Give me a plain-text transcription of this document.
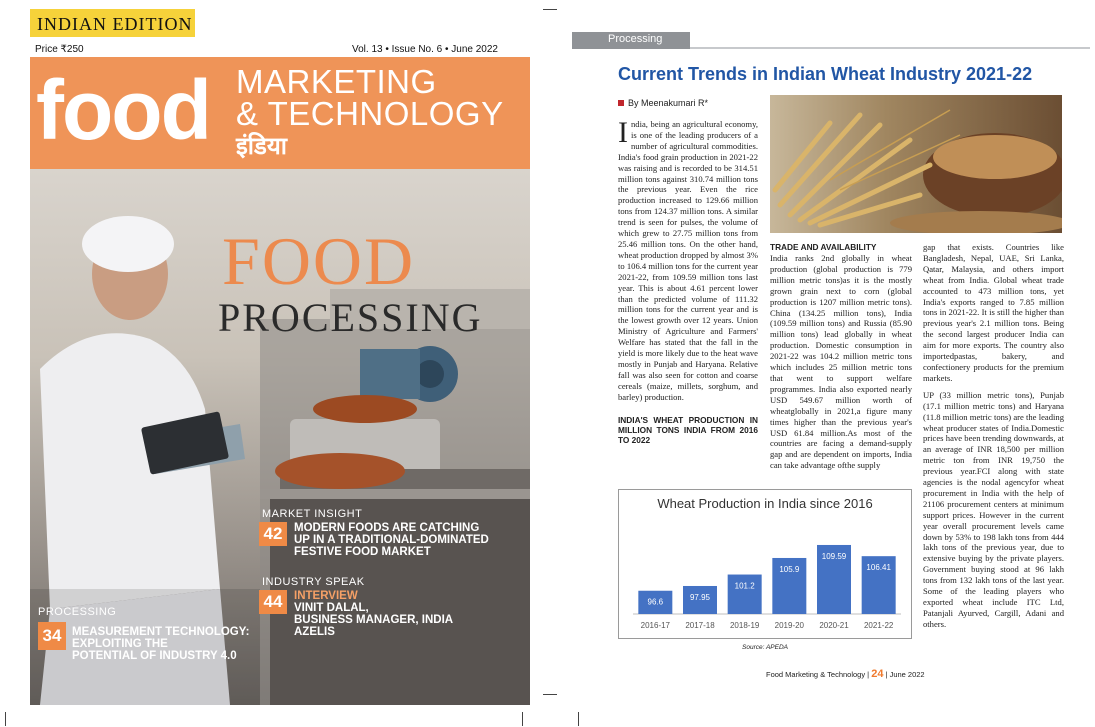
INDIAN EDITION
Price ₹250	Vol. 13 • Issue No. 6 • June 2022
food MARKETING
& TECHNOLOGY
इंडिया
FOOD
PROCESSING
MARKET INSIGHT
42	MODERN FOODS ARE CATCHING
UP IN A TRADITIONAL-DOMINATED
FESTIVE FOOD MARKET
INDUSTRY SPEAK
44	INTERVIEW
VINIT DALAL,
BUSINESS MANAGER, INDIA
AZELIS
PROCESSING
34 MEASUREMENT TECHNOLOGY:
EXPLOITING THE
POTENTIAL OF INDUSTRY 4.0
Processing
Current Trends in Indian Wheat Industry 2021-22
By Meenakumari R*

India, being an agricultural economy, is one of the leading producers of a number of agricultural commodities. India's food grain production in 2021-22 was raising and is recorded to be 314.51 million tons against 310.74 million tons the previous year. Even the rice production increased to 129.66 million tons from 124.37 million tons. A similar trend is seen for pulses, the volume of which grew to 27.75 million tons from 25.46 million tons. On the other hand, wheat production dropped by almost 3% to 106.4 million tons for the current year 2021-22, from 109.59 million tons last year. This is about 4.61 percent lower than the predicted volume of 111.32 million tons for the current year and is the lowest growth over 12 years. Union Ministry of Agriculture and Farmers' Welfare has stated that the fall in the yield is more likely due to the heat wave mostly in Punjab and Haryana. Relative fall was also seen for cotton and coarse cereals (maize, millets, sorghum, and barley) production.

INDIA'S WHEAT PRODUCTION IN MILLION TONS INDIA FROM 2016 TO 2022
TRADE AND AVAILABILITY

India ranks 2nd globally in wheat production (global production is 779 million metric tons)as it is the mostly grown grain next to corn (global production is 1207 million metric tons). China (134.25 million tons), India (109.59 million tons) and Russia (85.90 million tons) lead globally in wheat production. Domestic consumption in 2021-22 was 104.2 million metric tons which includes 25 million metric tons that went to support welfare programmes. India also exported nearly USD 549.67 million worth of wheatglobally in 2021,a figure many times higher than the previous year's USD 61.84 million.As most of the countries are facing a demand-supply gap and are dependent on imports, India can take advantage ofthe supply

gap that exists. Countries like Bangladesh, Nepal, UAE, Sri Lanka, Qatar, Malaysia, and others import wheat from India. Global wheat trade accounted to 473 million tons, yet India's exports ranged to 7.85 million tons in 2021-22. It is still the higher than previous year's 2.1 million tons. Being the second largest producer India can aim for more exports. The country also importedpastas, bakery, and confectionery products for the premium markets.

UP (33 million metric tons), Punjab (17.1 million metric tons) and Haryana (11.8 million metric tons) are the leading wheat producer states of India.Domestic prices have been trending downwards, at an average of INR 18,500 per million metric ton from INR 19,750 the previous year.FCI along with state agencies is the nodal agencyfor wheat procurement in India with the help of 21106 procurement centers at minimum support prices. However in the current year overall procurement levels came down by 53% to 198 lakh tons from 444 lakh tons of the previous year, due to extensive buying by the private players. Government buying stood at 96 lakh tons from 132 lakh tons of the last year. Some of the leading players who exported wheat include ITC Ltd, Patanjali Ayurved, Cargill, Adani and others.

Wheat Production in India since 2016
96.6
2016-17
97.95
2017-18
101.2
2018-19
105.9
2019-20
109.59
2020-21
106.41
2021-22
Source: APEDA
Food Marketing & Technology | 24 | June 2022
